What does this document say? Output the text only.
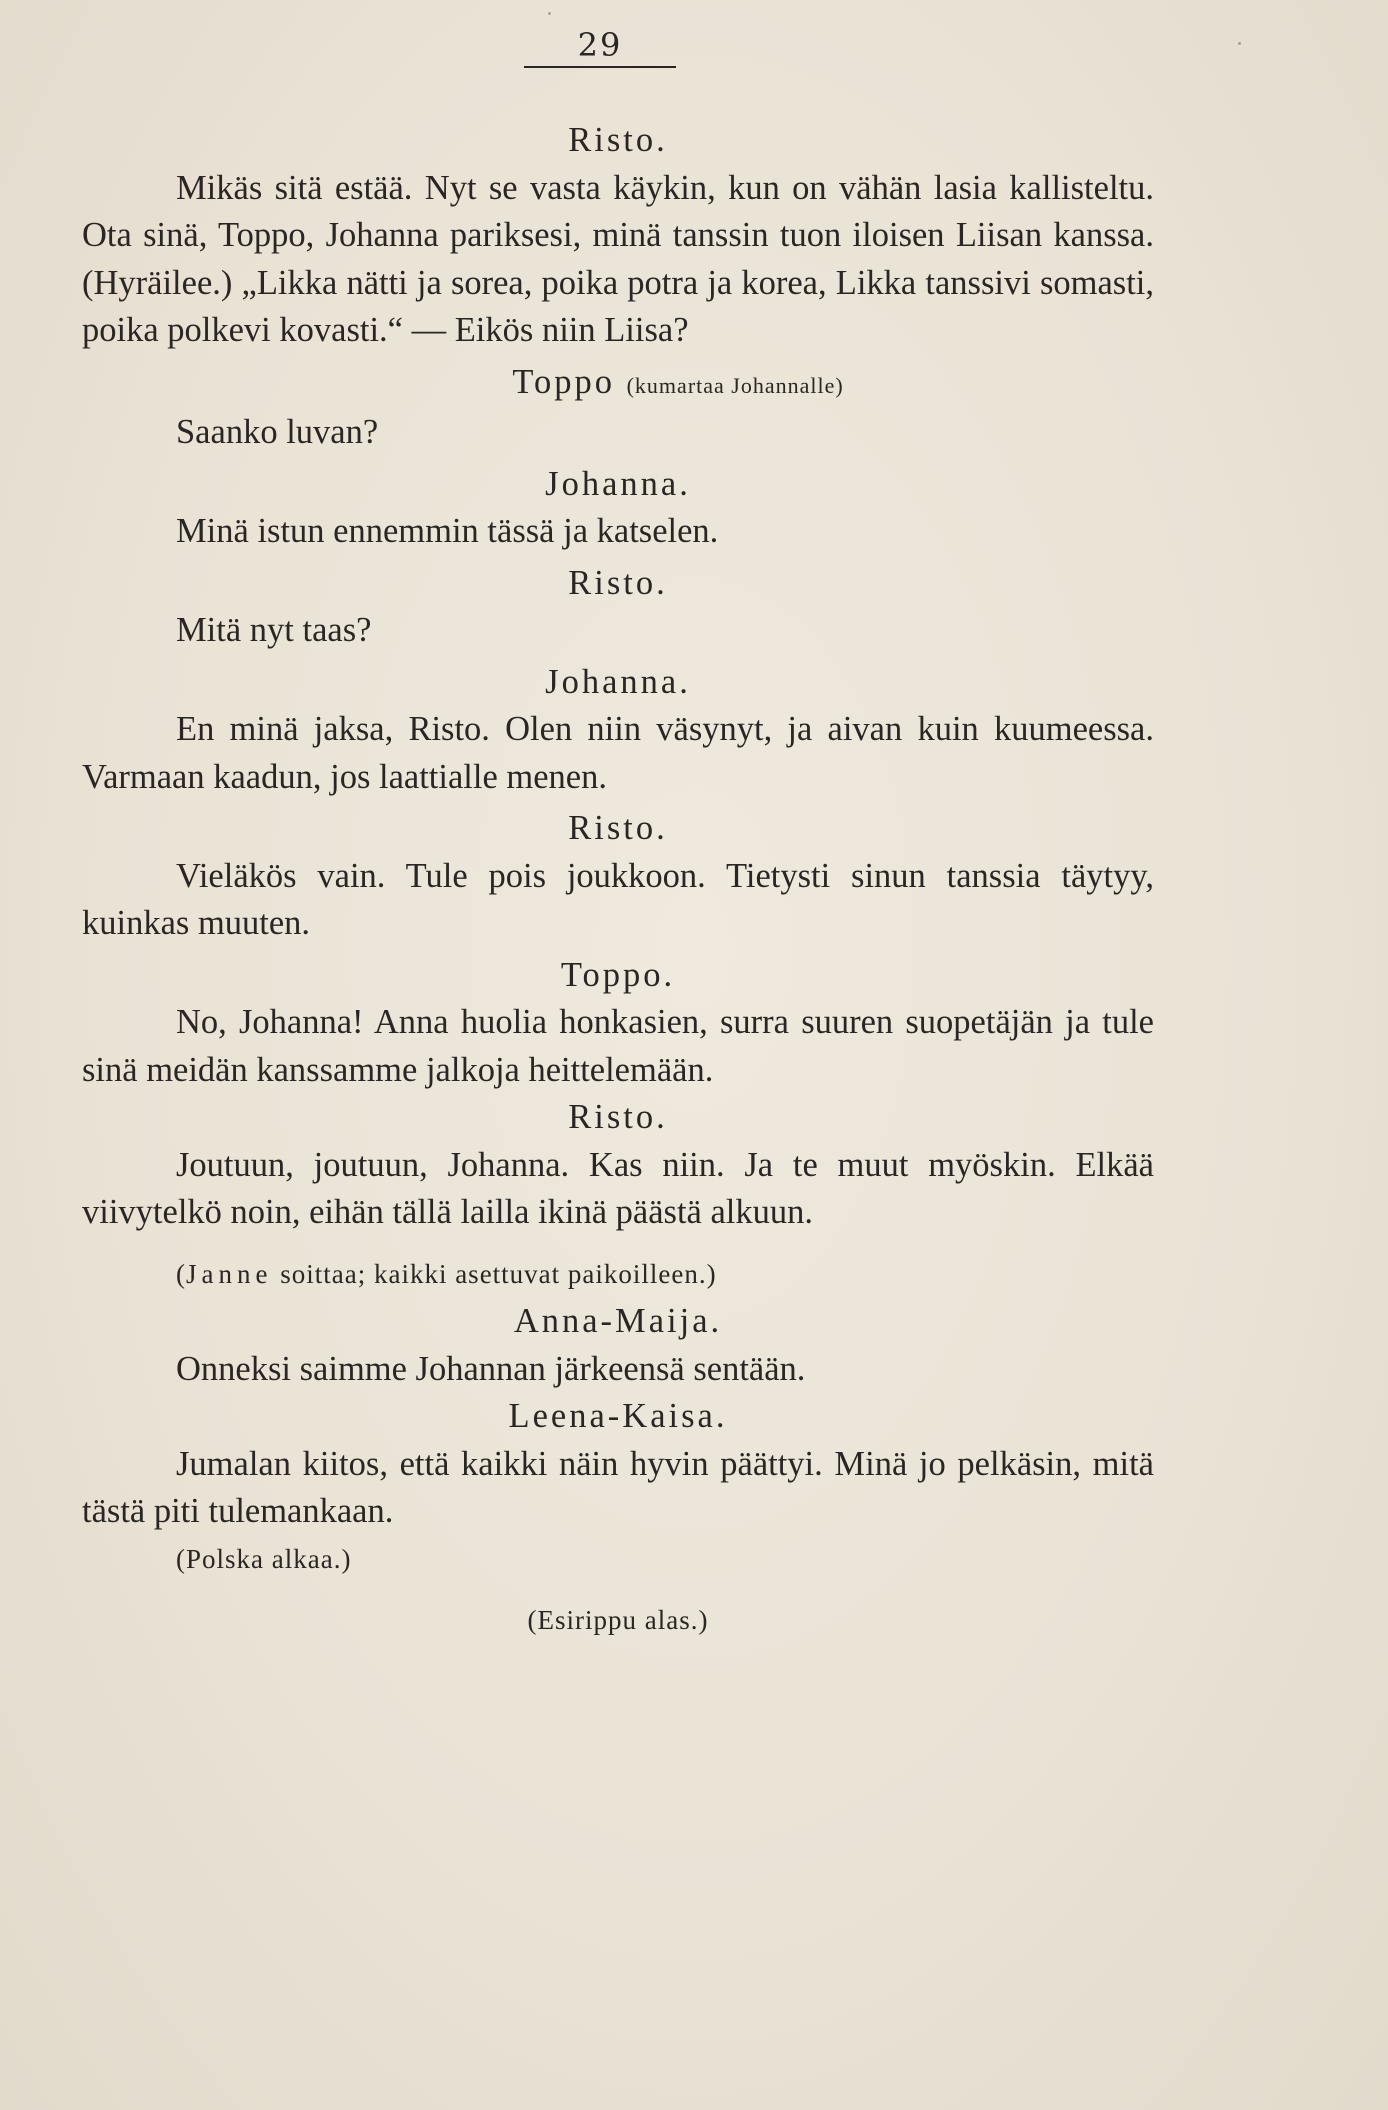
29

Risto.

Mikäs sitä estää. Nyt se vasta käykin, kun on vähän lasia kallisteltu. Ota sinä, Toppo, Johanna pariksesi, minä tanssin tuon iloisen Liisan kanssa. (Hyräilee.) „Likka nätti ja sorea, poika potra ja korea, Likka tanssivi somasti, poika polkevi kovasti.“ — Eikös niin Liisa?

Toppo (kumartaa Johannalle)

Saanko luvan?

Johanna.

Minä istun ennemmin tässä ja katselen.

Risto.

Mitä nyt taas?

Johanna.

En minä jaksa, Risto. Olen niin väsynyt, ja aivan kuin kuumeessa. Varmaan kaadun, jos laattialle menen.

Risto.

Vieläkös vain. Tule pois joukkoon. Tietysti sinun tanssia täytyy, kuinkas muuten.

Toppo.

No, Johanna! Anna huolia honkasien, surra suuren suopetäjän ja tule sinä meidän kanssamme jalkoja heittelemään.

Risto.

Joutuun, joutuun, Johanna. Kas niin. Ja te muut myöskin. Elkää viivytelkö noin, eihän tällä lailla ikinä päästä alkuun.

(Janne soittaa; kaikki asettuvat paikoilleen.)

Anna-Maija.

Onneksi saimme Johannan järkeensä sentään.

Leena-Kaisa.

Jumalan kiitos, että kaikki näin hyvin päättyi. Minä jo pelkäsin, mitä tästä piti tulemankaan.

(Polska alkaa.)

(Esirippu alas.)
